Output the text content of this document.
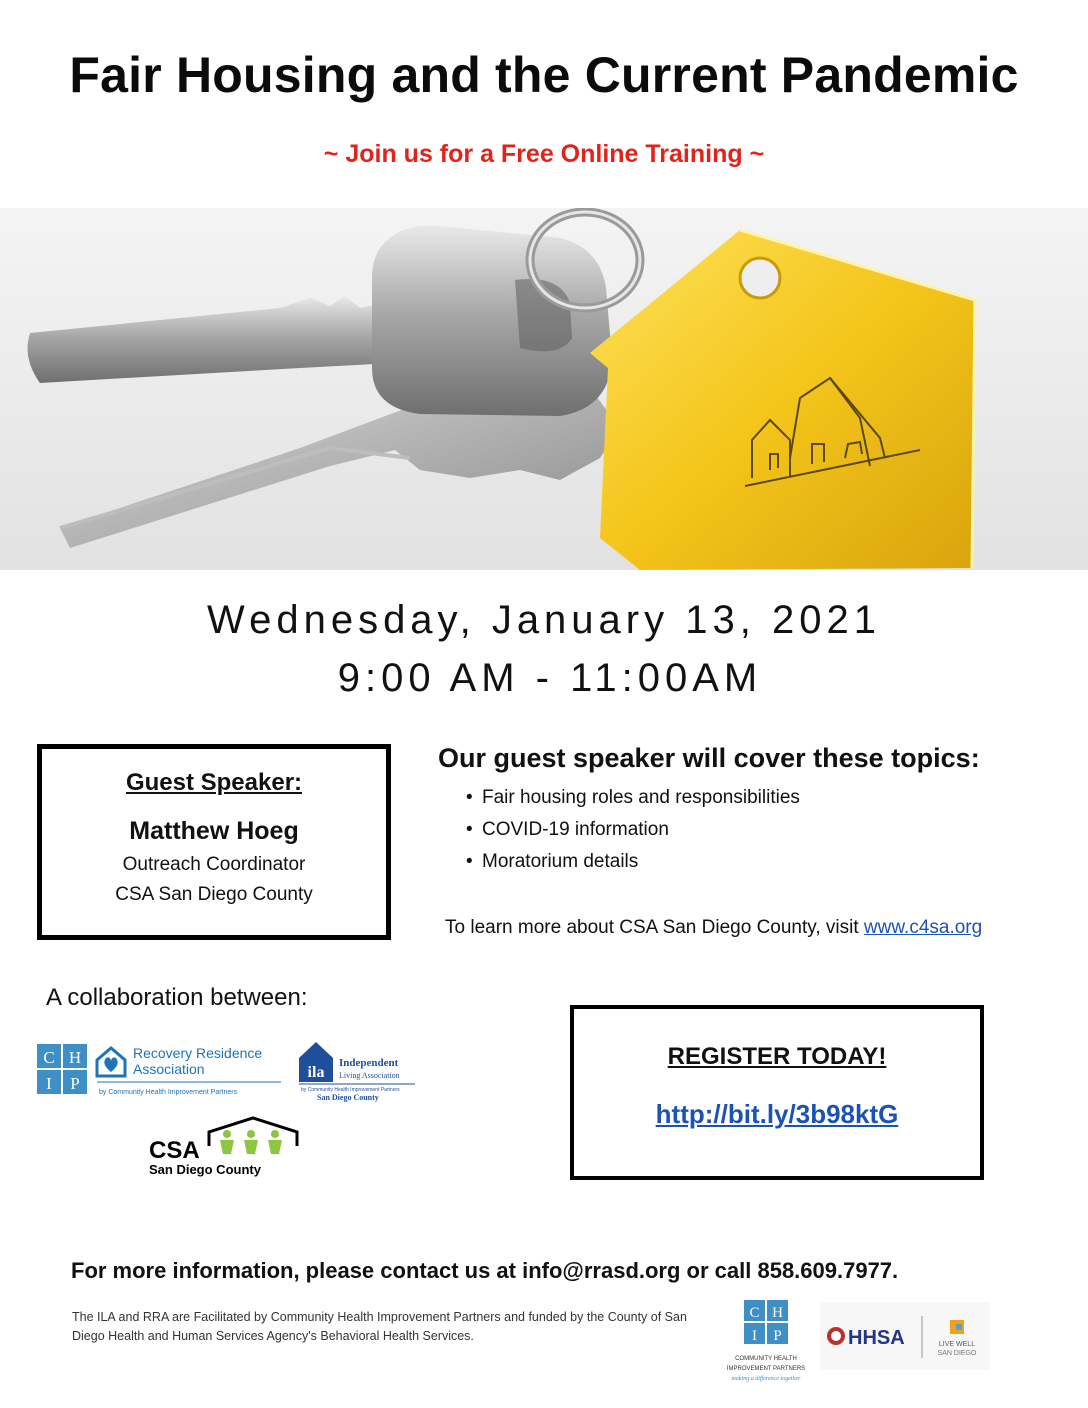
Fair Housing and the Current Pandemic
~ Join us for a Free Online Training ~
Wednesday, January 13, 2021
9:00 AM - 11:00AM
Guest Speaker:
Matthew Hoeg
Outreach Coordinator
CSA San Diego County
Our guest speaker will cover these topics:
• Fair housing roles and responsibilities
• COVID-19 information
• Moratorium details
To learn more about CSA San Diego County, visit www.c4sa.org
A collaboration between:
C H
I P
Recovery Residence
Association
by Community Health Improvement Partners
ila
Independent
Living Association
by Community Health Improvement Partners
San Diego County
CSA
San Diego County
REGISTER TODAY!
http://bit.ly/3b98ktG
For more information, please contact us at info@rrasd.org or call 858.609.7977.
The ILA and RRA are Facilitated by Community Health Improvement Partners and funded by the County of San Diego Health and Human Services Agency's Behavioral Health Services.
C H
I P
COMMUNITY HEALTH
IMPROVEMENT PARTNERS
making a difference together
HHSA	LIVE WELL
SAN DIEGO
